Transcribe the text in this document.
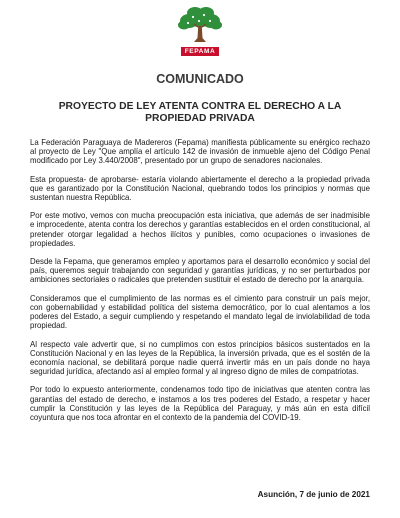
FEPAMA
COMUNICADO
PROYECTO DE LEY ATENTA CONTRA EL DERECHO A LA PROPIEDAD PRIVADA

La Federación Paraguaya de Madereros (Fepama) manifiesta públicamente su enérgico rechazo al proyecto de Ley "Que amplía el artículo 142 de invasión de inmueble ajeno del Código Penal modificado por Ley 3.440/2008", presentado por un grupo de senadores nacionales.

Esta propuesta- de aprobarse- estaría violando abiertamente el derecho a la propiedad privada que es garantizado por la Constitución Nacional, quebrando todos los principios y normas que sustentan nuestra República.

Por este motivo, vemos con mucha preocupación esta iniciativa, que además de ser inadmisible e improcedente, atenta contra los derechos y garantías establecidos en el orden constitucional, al pretender otorgar legalidad a hechos ilícitos y punibles, como ocupaciones o invasiones de propiedades.

Desde la Fepama, que generamos empleo y aportamos para el desarrollo económico y social del país, queremos seguir trabajando con seguridad y garantías jurídicas, y no ser perturbados por ambiciones sectoriales o radicales que pretenden sustituir el estado de derecho por la anarquía.

Consideramos que el cumplimiento de las normas es el cimiento para construir un país mejor, con gobernabilidad y estabilidad política del sistema democrático, por lo cual alentamos a los poderes del Estado, a seguir cumpliendo y respetando el mandato legal de inviolabilidad de toda propiedad.

Al respecto vale advertir que, si no cumplimos con estos principios básicos sustentados en la Constitución Nacional y en las leyes de la República, la inversión privada, que es el sostén de la economía nacional, se debilitará porque nadie querrá invertir más en un país donde no haya seguridad jurídica, afectando así al empleo formal y al ingreso digno de miles de compatriotas.

Por todo lo expuesto anteriormente, condenamos todo tipo de iniciativas que atenten contra las garantías del estado de derecho, e instamos a los tres poderes del Estado, a respetar y hacer cumplir la Constitución y las leyes de la República del Paraguay, y más aún en esta difícil coyuntura que nos toca afrontar en el contexto de la pandemia del COVID-19.

Asunción, 7 de junio de 2021
